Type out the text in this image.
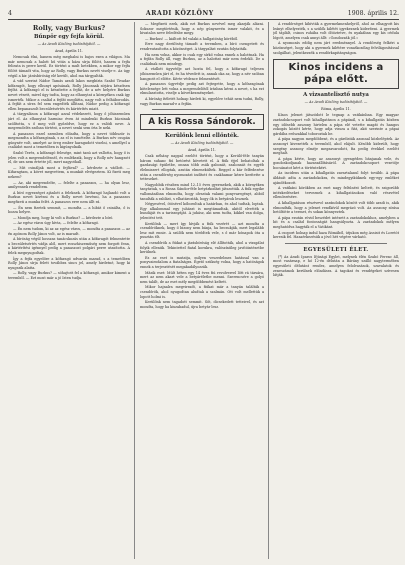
4	ARADI KÖZLÖNY	1908. április 12.
Rolly, vagy Burkus?
Bűnpör egy fejfa körül.
— Az Aradi Közlöny tudósítójától. —
Arad, április 11.

Nemcsak élni, hanem még meghalni is bajos ezen a világon. Ma már nemcsak a halott hű vitás a háza sírja fölött, hanem a fejfa felirata is perre kerül. Ez történt a mult hetekben, a mikor egy fejfa fölött támadt vita, hogy az Rolly, vagy Burkus nevét viselje-e. Az ügy végül a kir. járásbíróság elé került, ahol ma tárgyalták.

A vád szerint Nádor Tamás aradi lakos megbízta Szabó Tivadar kőfaragót, hogy elhunyt apósának, Rolly Jánosnak sírjára készítsen fejfát. A kőfaragó el is készítette a fejfát, de a név helyére Burkus nevet vésett, mivel úgy tudta, hogy az elhunytat a környéken csak így ismerték. Mikor a család a fejfát meglátta, nagy volt a felháborodás. A fejfát a sírra fel sem engedték állítani, Nádor pedig a kőfaragó ellen bepanaszolt becsületsértés és kártérítés miatt.

A tárgyaláson a kőfaragó azzal védekezett, hogy ő jóhiszeműen járt el. Az elhunytat harminc éven át mindenki Burkus bácsinak szólította, s ő meg volt győződve, hogy ez a valódi neve. A megrendelés szóban történt, a nevet senki sem írta le neki.

A panaszos ezzel szemben előadta, hogy a nevet többször is megmondta a kőfaragónak, s az el is ismételte. A Burkus név csupán gúnynév volt, amelyet az öreg ember haragudott viselni, s amellyel a családot most a temetőben is kigúnyolnák.

Szabó Teréz, a kőfaragó felesége, mint tanú azt vallotta, hogy ő is jelen volt a megrendelésnél, és emlékszik, hogy a Rolly név hangzott el, de ura nem értette jól, mert nagyothall.

— Mit csináljak most a fejfával? — kérdezte a vádlott. — Kifaragtam, a követ megvettem, a munkát elvégeztem. Ki fizeti meg nekem?

— Az, aki megrendelte, — felelte a panaszos, — ha olyan lesz, amilyennek rendeltem.

A bíró egyezséget ajánlott a feleknek. A kőfaragó hajlandó volt a Burkus nevet kivésni és a Rolly nevet bevésni, ha a panaszos megfizeti a munka felét. A panaszos erre nem állt rá.

— Én nem fizetek semmit, — mondta — a hibát ő csinálta, ő is hozza helyre.

— Mondja meg, hogy ki volt a Burkus? — kérdezte a bíró.

— Az egész város úgy hívta, — felelte a kőfaragó.

— Én nem tudom, ki az az egész város, — mondta a panaszos — az én apósom Rolly János volt, az is maradt.

A bíróság végül hosszas tanácskozás után a kőfaragót felmentette a becsületsértés vádja alól, mert rosszhiszeműség nem forgott fenn, a kártérítési igénnyel pedig a panaszost polgári perre utasította. A felek megnyugodtak.

Így a fejfa egyelőre a kőfaragó udvarán marad, s a temetőben Rolly János sírja felett továbbra sincs jel, amely hirdetné, hogy ki nyugszik alatta.

— Rolly, vagy Burkus? — sóhajtott fel a kőfaragó, amikor kiment a teremből. — Ezt most már a jó Isten tudja.

— Megfizeti ezek, akik ezt Burkus nevével meg akarják alázni. Sokszor megtörténik, hogy a nép gúnynevén ismer valakit, és a hivatalos neve feledésbe megy.

— Burkus! — kiáltott fel valaki a hallgatóság köréből.

Erre nagy derültség támadt a teremben, a bíró csengetett és rendreutasította a közönséget. A tárgyalást ezután folytatták.

Ha nem volna, akkor is csak egy sírkő volna ennek a halottnak. Ha a fejfán Rolly áll, vagy Burkus, az a halottat már nem érdekli. De a családnak nem mindegy.

A vádlott ügyvédje azt hozta fel, hogy a kőfaragó teljesen jóhiszeműen járt el, és ha tévedett is, annak oka az, hogy a név szóban hangzott el előtte. Kérte védence felmentését.

A panaszos ügyvédje pedig azt fejtegette, hogy a kőfaragónak kötelessége lett volna a megrendelőtől írásban kérni a nevet, s ha ezt elmulasztotta, viselje a következményeket.

A bíróság ítéletét holnap hirdeti ki, egyelőre tehát nem tudni, Rolly, vagy Burkus marad-e a fejfán.

A kis Rossa Sándorok.
Kerülőnk lenni ellőnték.
— Az Aradi Közlöny tudósítójától. —
Arad, április 11.

Csak néhány nappal ezelőtt történt, hogy a Kerülő-féle tanyán három suhanc fiú betörést követett el. A fiúk éjjel behatoltak a gazdasági épületbe, onnan több zsák gabonát, szalonnát és egyéb élelmiszert elloptak, azután elmenekültek. Reggel a kár felfedezése után a csendőrség nyomozást indított és csakhamar kézre kerítette a tetteseket.

Nagyobbik részben mind 12–15 éves gyermekek, akik a környéken tanyáztak, s a Rossa Sándor-féle betyárkodást játszották. A fiúk egyike vallomásában elmondta, hogy olvastak valami ponyvaregényt, abból tanulták a rablást, s elhatározták, hogy ők is betyárok lesznek.

Négyesével, ötösével kóboroltak a határban, és ahol tudtak, loptak. Egy alkalommal egy juhászt is megtámadtak, akitől elvették a bundáját és a tarisznyáját. A juhász, aki nem tudta, kikkel van dolga, jelentést tett.

Kerülőnk — mert így hívják a fiúk vezérét — azt mondta a csendőröknek, hogy ő bizony nem bánja, ha becsukják, mert legalább lesz mit ennie. A szülők nem törődtek vele, s ő már hónapok óta a pusztán élt.

A csendőrök a fiúkat a járásbíróság elé állították, ahol a vizsgálat folyik ellenük. Tekintettel fiatal korukra, valószínűleg javítóintézetbe kerülnek.

Ez az eset is mutatja, milyen veszedelmes hatással van a ponyvairodalom a fiatalságra. Égető szükség volna, hogy a hatóságok ennek a terjesztését megakadályozzák.

Másik eset: Múlt héten egy 14 éves fiú revolverrel lőtt rá társára, mert az nem akart vele a betyáréletbe menni. Szerencsére a golyó nem talált, de az eset mély megdöbbenést keltett.

Mikor hajnalra megvirradt, a fiúkat már a tanyán találták a csendőrök, ahol nyugodtan aludtak a szalmán. Ott volt mellettük a lopott holmi is.

Kerülőnk nem tagadott semmit. Sőt, dicsekedett tetteivel, és azt mondta, hogy ha kiszabadul, újra betyár lesz.

A rendőrséget kihívták a gyermekmenhelyről, ahol az elhagyott kis leányt elhelyezték, s a szülők kilétét igyekeznek kideríteni. A gyermek jól táplált, csinos ruhába volt öltöztetve, és nyakában egy kis cédula lógott, amelyen csak annyi állt: »Gondozzák jól.«

A nyomozás eddig nem járt eredménnyel. A rendőrség felkéri a közönséget, hogy aki a gyermek kilétére vonatkozólag felvilágosítással szolgálhat, jelentkezzék a rendőrkapitányságon.

Kinos incidens a
pápa előtt.
A vizsantelisztő nutya
— Az Aradi Közlöny tudósítójától. —
Róma, április 11.

Kínos jelenet játszódott le tegnap a vatikánban. Egy magyar zarándokcsoport volt kihallgatáson a pápánál, s a kihallgatás közben egy idősebb asszony hirtelen a pápa elé vetette magát és hangos zokogás között kérte, hogy adja vissza a fiát, akit szerinte a pápai gárdába erőszakkal toboroztak be.

A pápa nagyon megdöbbent, és a gárdisták azonnal közbeléptek. Az asszonyt kivezették a teremből, ahol elájult. Később kiderült, hogy szegény asszony elméje megzavarodott, fia pedig évekkel ezelőtt meghalt.

A pápa kérte, hogy az asszonyt gyengéden bánjanak vele, és gondoskodjanak hazaszállításáról. A zarándokcsoport vezetője bocsánatot kért a történtekért.

Az incidens után a kihallgatás zavartalanul folyt tovább. A pápa áldását adta a zarándokokra, és mindegyiküknek egy-egy emléket ajándékozott.

A vatikáni körökben az eset nagy feltűnést keltett, és szigorúbb intézkedéseket terveznek a kihallgatásokon való részvétel ellenőrzésére.

A kihallgatáson résztvevő zarándokok között volt több aradi is, akik elmondták, hogy a jelenet rendkívül megrázó volt. Az asszony sírása betöltötte a termet, és sokan könnyeztek.

A pápa ezután rövid beszédet intézett a zarándokokhoz, amelyben a hit és a család fontosságát hangsúlyozta. A zarándokok mélyen meghatódva hagyták el a Vatikánt.

A csoport holnap indul haza Rómából, útjukon még Assisit és Loretót keresik fel. Hazaérkezésük a jövő hét végére várható.

EGYESÜLETI ÉLET.

(*) Az Aradi Iparos Ifjúsági Egylet, melynek élén Szabó Ferenc áll, most vasárnap, e hó 12-én délután a Bárány szálló nagytermében egyesületi délutánt rendez, amelyen felolvasások, szavalatok és zeneszámok kerülnek előadásra. A tagokat és vendégeket szívesen látják.
